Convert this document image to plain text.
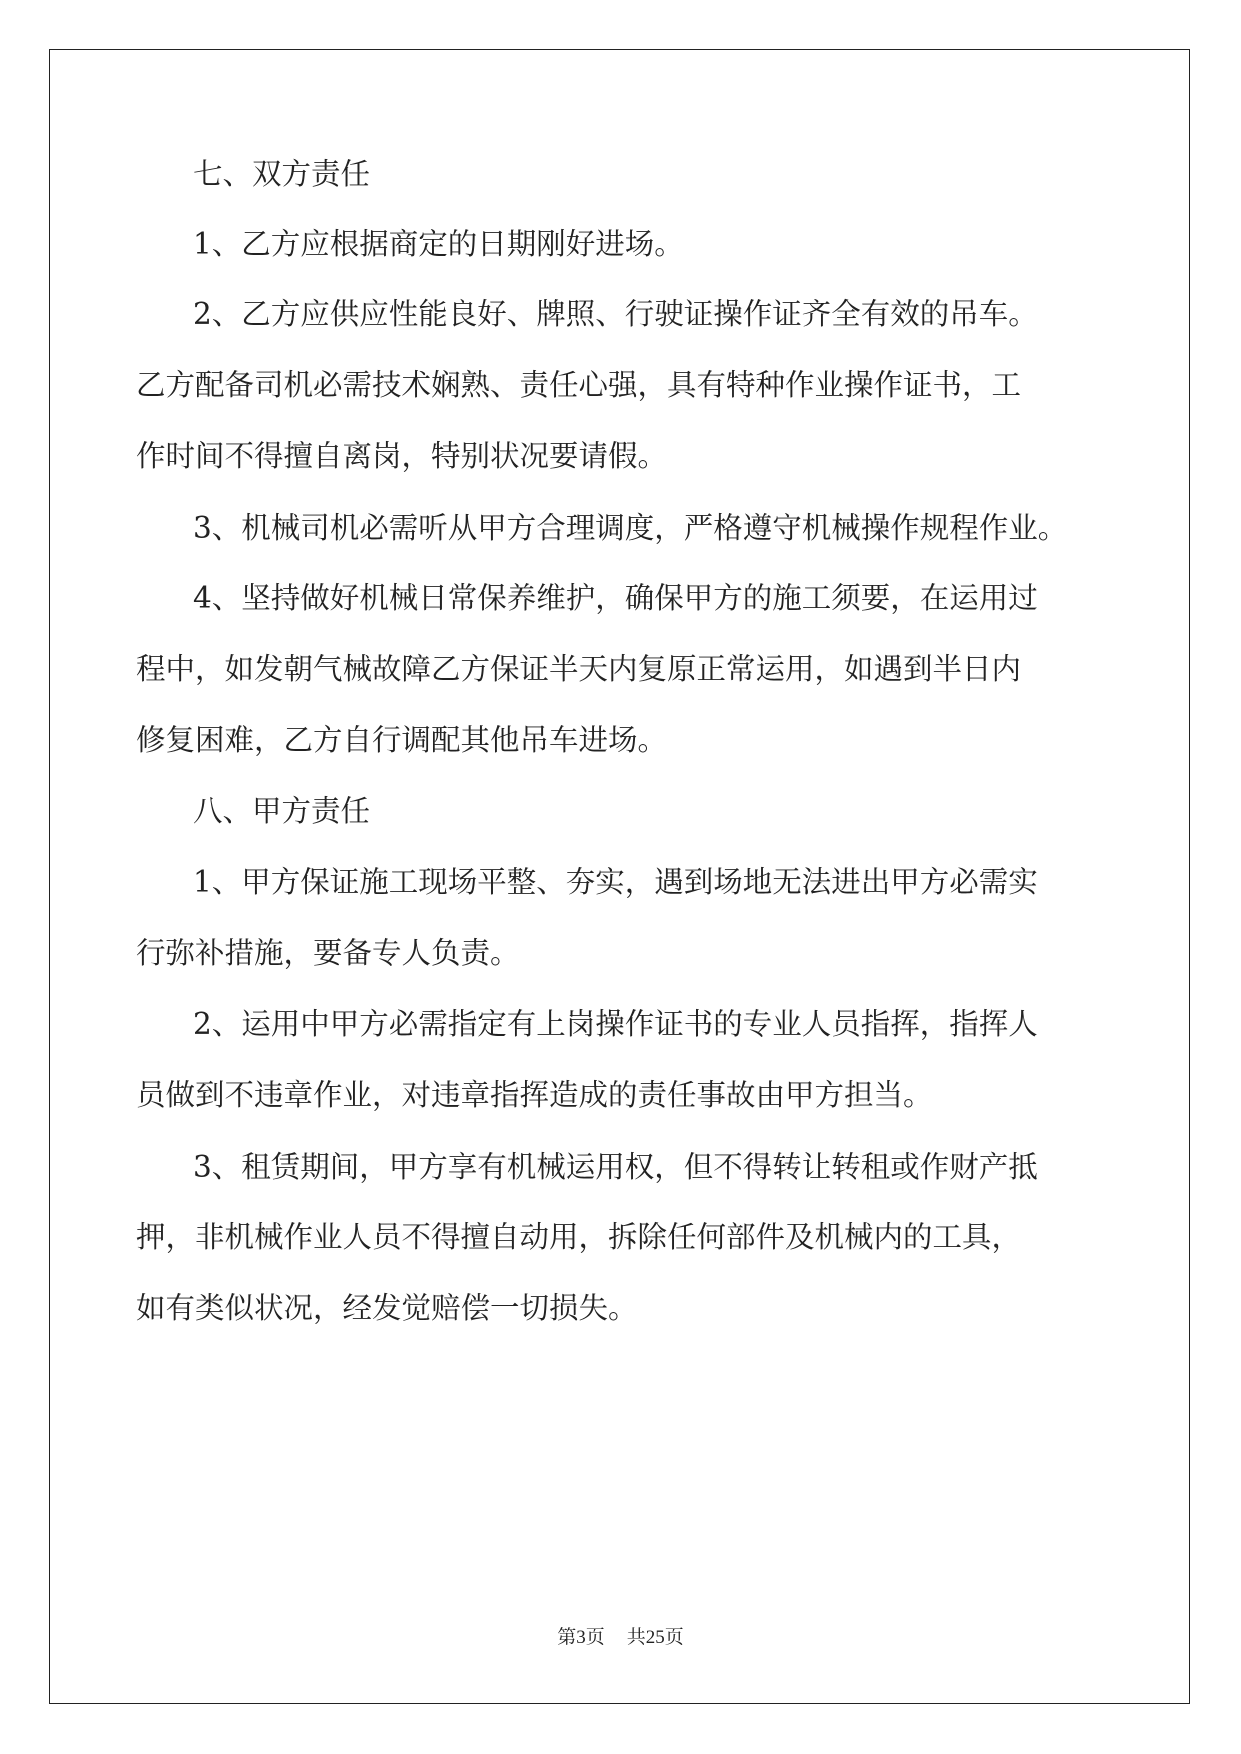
七、双方责任

1、乙方应根据商定的日期刚好进场。

2、乙方应供应性能良好、牌照、行驶证操作证齐全有效的吊车。

乙方配备司机必需技术娴熟、责任心强，具有特种作业操作证书，工

作时间不得擅自离岗，特别状况要请假。

3、机械司机必需听从甲方合理调度，严格遵守机械操作规程作业。

4、坚持做好机械日常保养维护，确保甲方的施工须要，在运用过

程中，如发朝气械故障乙方保证半天内复原正常运用，如遇到半日内

修复困难，乙方自行调配其他吊车进场。

八、甲方责任

1、甲方保证施工现场平整、夯实，遇到场地无法进出甲方必需实

行弥补措施，要备专人负责。

2、运用中甲方必需指定有上岗操作证书的专业人员指挥，指挥人

员做到不违章作业，对违章指挥造成的责任事故由甲方担当。

3、租赁期间，甲方享有机械运用权，但不得转让转租或作财产抵

押，非机械作业人员不得擅自动用，拆除任何部件及机械内的工具，

如有类似状况，经发觉赔偿一切损失。

第3页 共25页
